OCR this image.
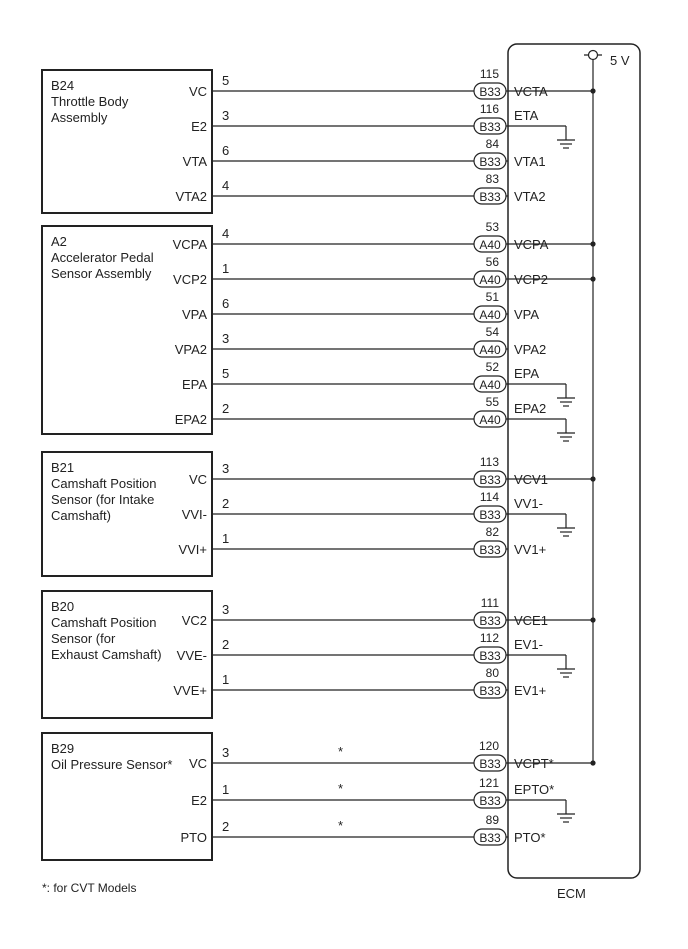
ECM
5 V
*: for CVT Models
B24
Throttle Body
Assembly
VC
E2
VTA
VTA2
A2
Accelerator Pedal
Sensor Assembly
VCPA
VCP2
VPA
VPA2
EPA
EPA2
B21
Camshaft Position
Sensor (for Intake
Camshaft)
VC
VVI-
VVI+
B20
Camshaft Position
Sensor (for
Exhaust Camshaft)
VC2
VVE-
VVE+
B29
Oil Pressure Sensor* VC
E2
PTO
5
B33
115
VCTA
3
B33
116 ETA
6
B33
84
VTA1
4
B33
83
VTA2
4
A40
53
VCPA
1
A40
56
VCP2
6
A40
51
VPA
3
A40
54
VPA2
5
A40
52 EPA
2
A40
55 EPA2
3
B33
113
VCV1
2
B33
114 VV1-
1
B33
82
VV1+
3
B33
111
VCE1
2
B33
112 EV1-
1
B33
80
EV1+
3	*
B33
120
VCPT*
1	*
B33
121 EPTO*
2	*
B33
89
PTO*
